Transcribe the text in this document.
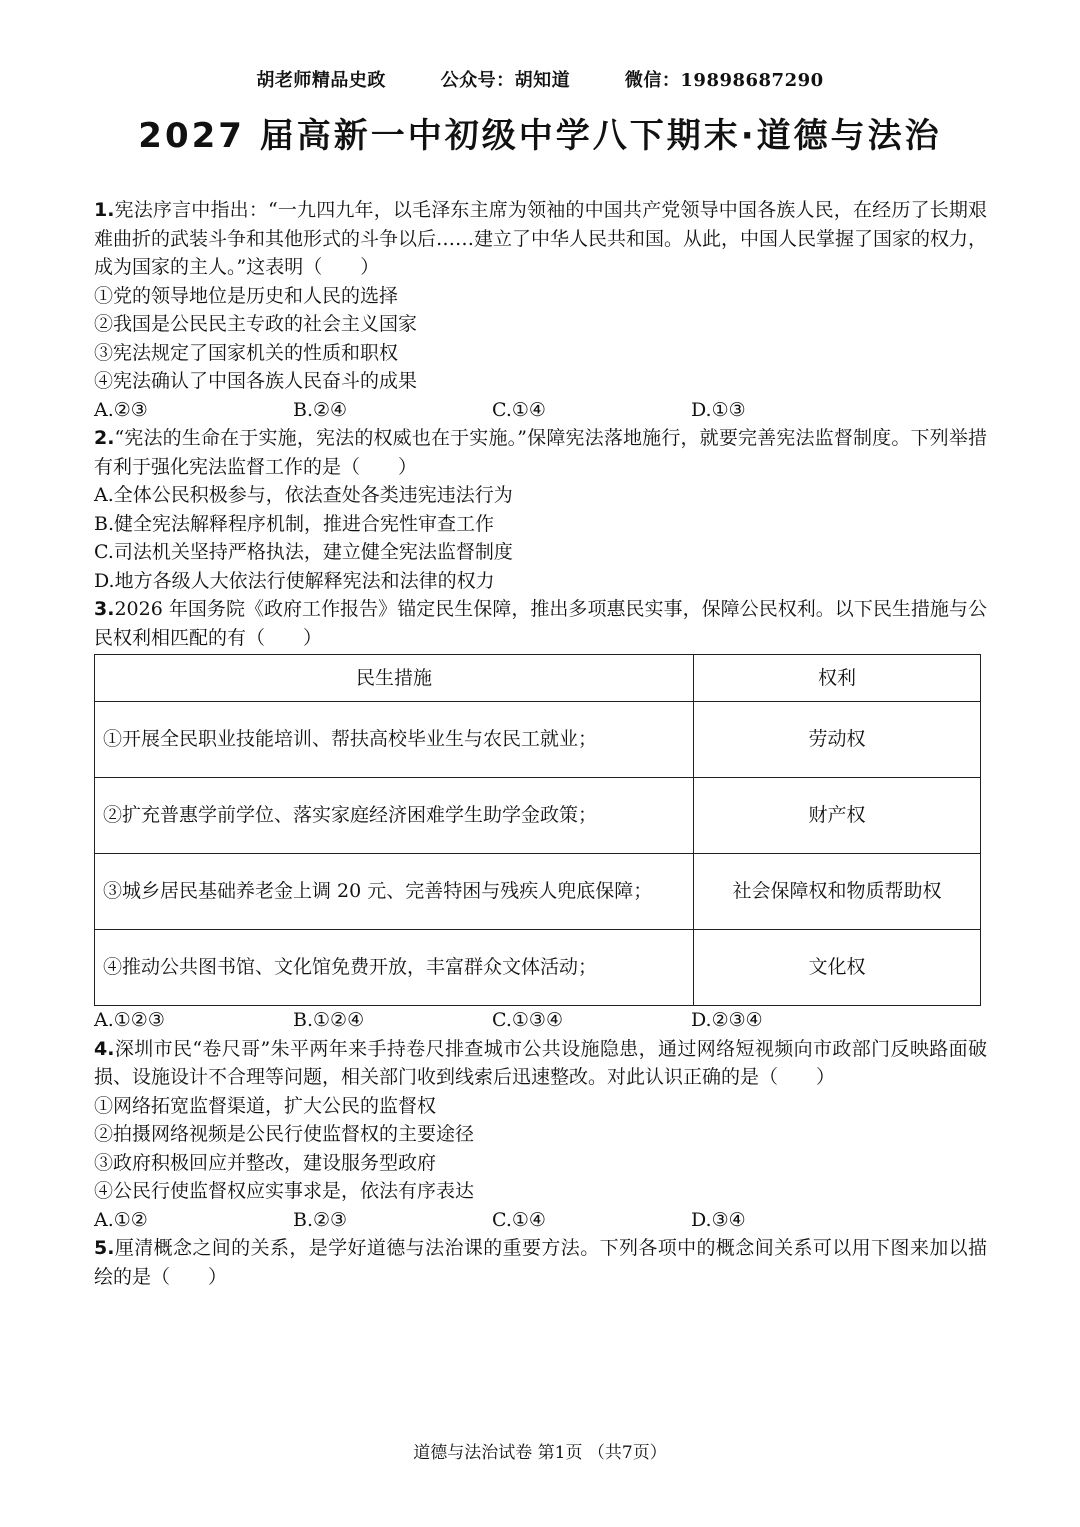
胡老师精品史政	公众号：胡知道	微信：19898687290
2027 届高新一中初级中学八下期末·道德与法治

1.宪法序言中指出：“一九四九年，以毛泽东主席为领袖的中国共产党领导中国各族人民，在经历了长期艰难曲折的武装斗争和其他形式的斗争以后……建立了中华人民共和国。从此，中国人民掌握了国家的权力，成为国家的主人。”这表明（　　）

①党的领导地位是历史和人民的选择

②我国是公民民主专政的社会主义国家

③宪法规定了国家机关的性质和职权

④宪法确认了中国各族人民奋斗的成果

A.②③	B.②④	C.①④	D.①③

2.“宪法的生命在于实施，宪法的权威也在于实施。”保障宪法落地施行，就要完善宪法监督制度。下列举措有利于强化宪法监督工作的是（　　）

A.全体公民积极参与，依法查处各类违宪违法行为

B.健全宪法解释程序机制，推进合宪性审查工作

C.司法机关坚持严格执法，建立健全宪法监督制度

D.地方各级人大依法行使解释宪法和法律的权力

3.2026 年国务院《政府工作报告》锚定民生保障，推出多项惠民实事，保障公民权利。以下民生措施与公民权利相匹配的有（　　）

民生措施	权利
①开展全民职业技能培训、帮扶高校毕业生与农民工就业；	劳动权
②扩充普惠学前学位、落实家庭经济困难学生助学金政策；	财产权
③城乡居民基础养老金上调 20 元、完善特困与残疾人兜底保障；	社会保障权和物质帮助权
④推动公共图书馆、文化馆免费开放，丰富群众文体活动；	文化权
A.①②③	B.①②④	C.①③④	D.②③④

4.深圳市民“卷尺哥”朱平两年来手持卷尺排查城市公共设施隐患，通过网络短视频向市政部门反映路面破损、设施设计不合理等问题，相关部门收到线索后迅速整改。对此认识正确的是（　　）

①网络拓宽监督渠道，扩大公民的监督权

②拍摄网络视频是公民行使监督权的主要途径

③政府积极回应并整改，建设服务型政府

④公民行使监督权应实事求是，依法有序表达

A.①②	B.②③	C.①④	D.③④

5.厘清概念之间的关系，是学好道德与法治课的重要方法。下列各项中的概念间关系可以用下图来加以描绘的是（　　）

道德与法治试卷 第1页 （共7页）
